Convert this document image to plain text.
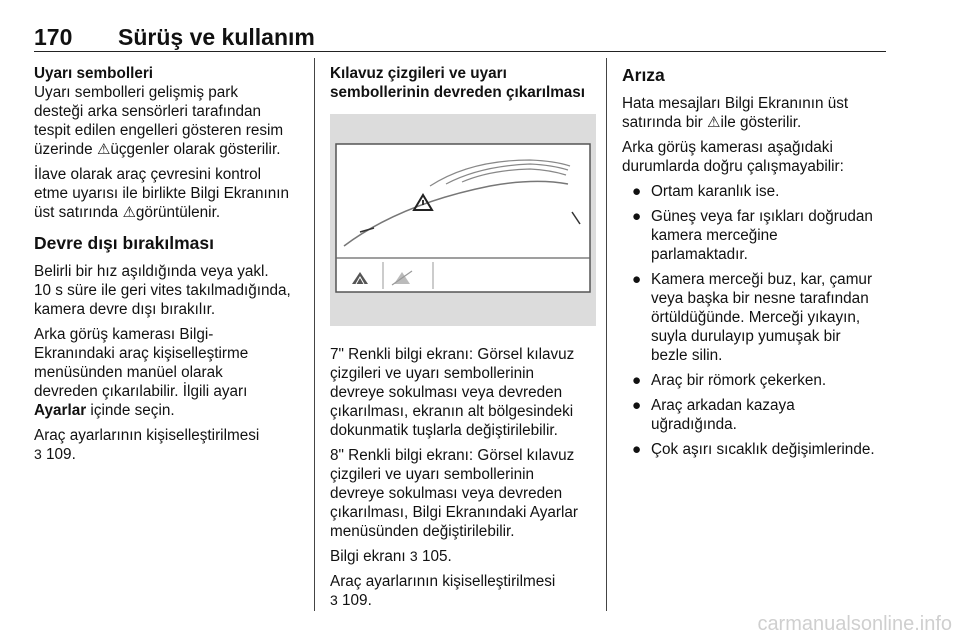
170 Sürüş ve kullanım

Uyarı sembolleri
Uyarı sembolleri gelişmiş park
desteği arka sensörleri tarafından
tespit edilen engelleri gösteren resim
üzerinde ⚠üçgenler olarak gösterilir.

İlave olarak araç çevresini kontrol
etme uyarısı ile birlikte Bilgi Ekranının
üst satırında ⚠görüntülenir.

Devre dışı bırakılması

Belirli bir hız aşıldığında veya yakl.
10 s süre ile geri vites takılmadığında,
kamera devre dışı bırakılır.

Arka görüş kamerası Bilgi-
Ekranındaki araç kişiselleştirme
menüsünden manüel olarak
devreden çıkarılabilir. İlgili ayarı
Ayarlar içinde seçin.

Araç ayarlarının kişiselleştirilmesi
3 109.

Kılavuz çizgileri ve uyarı
sembollerinin devreden çıkarılması

7" Renkli bilgi ekranı: Görsel kılavuz
çizgileri ve uyarı sembollerinin
devreye sokulması veya devreden
çıkarılması, ekranın alt bölgesindeki
dokunmatik tuşlarla değiştirilebilir.

8" Renkli bilgi ekranı: Görsel kılavuz
çizgileri ve uyarı sembollerinin
devreye sokulması veya devreden
çıkarılması, Bilgi Ekranındaki Ayarlar
menüsünden değiştirilebilir.

Bilgi ekranı 3 105.

Araç ayarlarının kişiselleştirilmesi
3 109.

Arıza

Hata mesajları Bilgi Ekranının üst
satırında bir ⚠ile gösterilir.

Arka görüş kamerası aşağıdaki
durumlarda doğru çalışmayabilir:

● Ortam karanlık ise.
● Güneş veya far ışıkları doğrudan
kamera merceğine
parlamaktadır.
● Kamera merceği buz, kar, çamur
veya başka bir nesne tarafından
örtüldüğünde. Merceği yıkayın,
suyla durulayıp yumuşak bir
bezle silin.
● Araç bir römork çekerken.
● Araç arkadan kazaya
uğradığında.
● Çok aşırı sıcaklık değişimlerinde.
carmanualsonline.info
